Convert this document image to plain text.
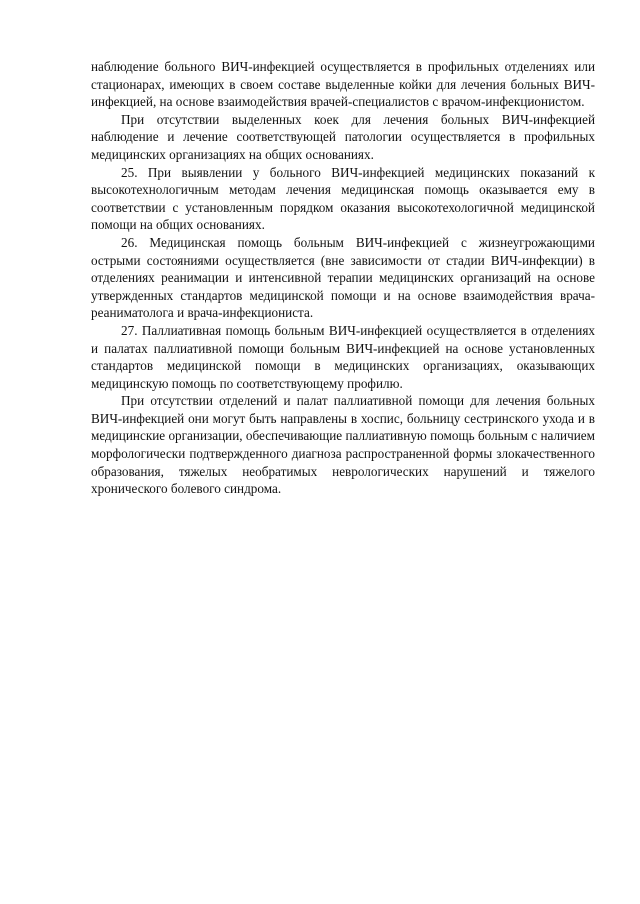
наблюдение больного ВИЧ-инфекцией осуществляется в профильных отделениях или стационарах, имеющих в своем составе выделенные койки для лечения больных ВИЧ-инфекцией, на основе взаимодействия врачей-специалистов с врачом-инфекционистом.

При отсутствии выделенных коек для лечения больных ВИЧ-инфекцией наблюдение и лечение соответствующей патологии осуществляется в профильных медицинских организациях на общих основаниях.

25. При выявлении у больного ВИЧ-инфекцией медицинских показаний к высокотехнологичным методам лечения медицинская помощь оказывается ему в соответствии с установленным порядком оказания высокотехологичной медицинской помощи на общих основаниях.

26. Медицинская помощь больным ВИЧ-инфекцией с жизнеугрожающими острыми состояниями осуществляется (вне зависимости от стадии ВИЧ-инфекции) в отделениях реанимации и интенсивной терапии медицинских организаций на основе утвержденных стандартов медицинской помощи и на основе взаимодействия врача-реаниматолога и врача-инфекциониста.

27. Паллиативная помощь больным ВИЧ-инфекцией осуществляется в отделениях и палатах паллиативной помощи больным ВИЧ-инфекцией на основе установленных стандартов медицинской помощи в медицинских организациях, оказывающих медицинскую помощь по соответствующему профилю.

При отсутствии отделений и палат паллиативной помощи для лечения больных ВИЧ-инфекцией они могут быть направлены в хоспис, больницу сестринского ухода и в медицинские организации, обеспечивающие паллиативную помощь больным с наличием морфологически подтвержденного диагноза распространенной формы злокачественного образования, тяжелых необратимых неврологических нарушений и тяжелого хронического болевого синдрома.
